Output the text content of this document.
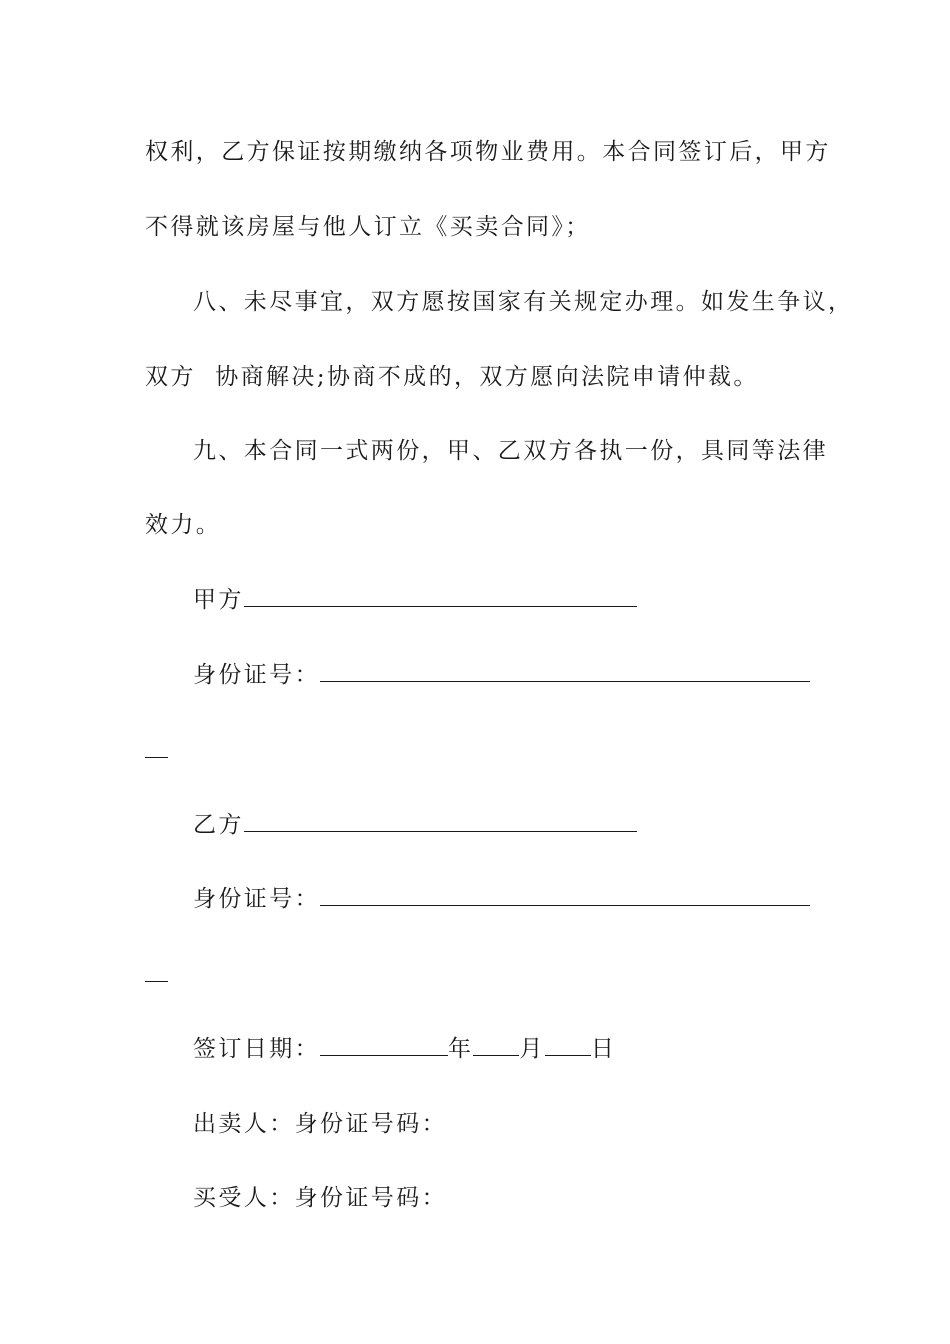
权利，乙方保证按期缴纳各项物业费用。本合同签订后，甲方
不得就该房屋与他人订立《买卖合同》；
八、未尽事宜，双方愿按国家有关规定办理。如发生争议，
双方  协商解决;协商不成的，双方愿向法院申请仲裁。
九、本合同一式两份，甲、乙双方各执一份，具同等法律
效力。
甲方
身份证号：
乙方
身份证号：
签订日期：	年 月 日
出卖人：身份证号码：
买受人：身份证号码：
